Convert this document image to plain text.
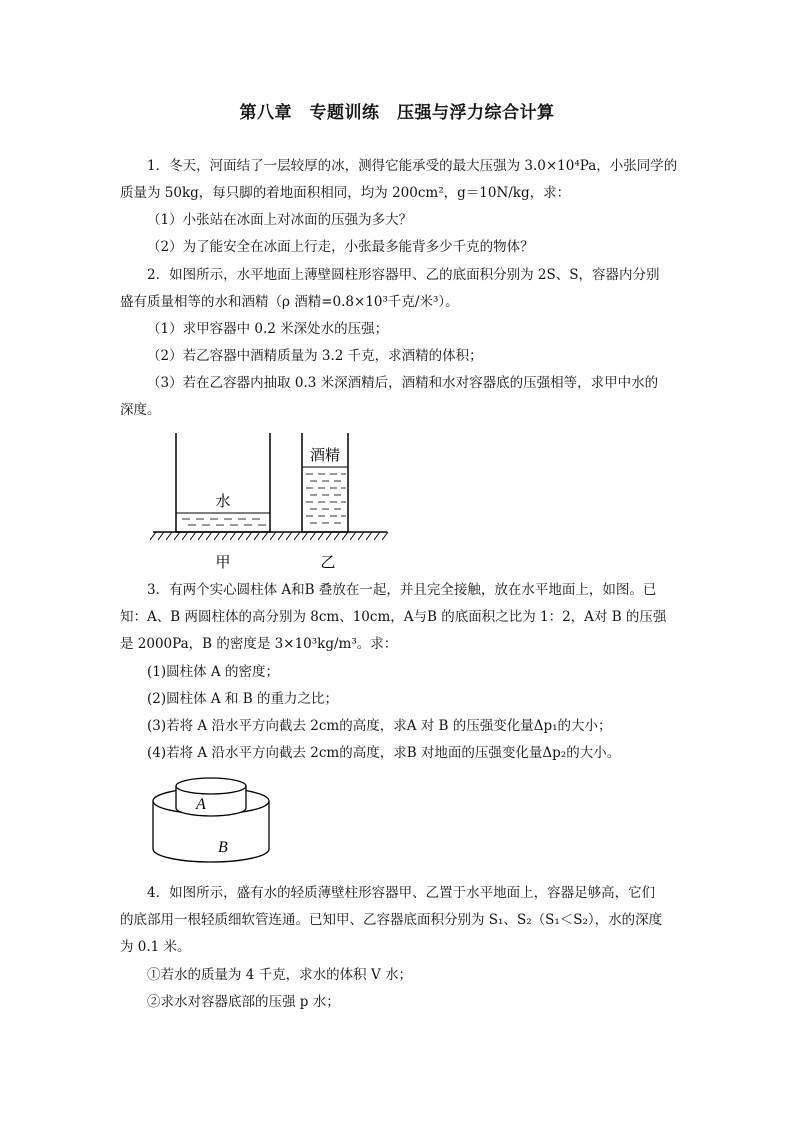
第八章　专题训练　压强与浮力综合计算
1．冬天，河面结了一层较厚的冰，测得它能承受的最大压强为 3.0×10⁴Pa，小张同学的
质量为 50kg，每只脚的着地面积相同，均为 200cm²，g＝10N/kg，求：
（1）小张站在冰面上对冰面的压强为多大？
（2）为了能安全在冰面上行走，小张最多能背多少千克的物体？
2．如图所示，水平地面上薄壁圆柱形容器甲、乙的底面积分别为 2S、S，容器内分别
盛有质量相等的水和酒精（ρ 酒精=0.8×10³千克/米³）。
（1）求甲容器中 0.2 米深处水的压强；
（2）若乙容器中酒精质量为 3.2 千克，求酒精的体积；
（3）若在乙容器内抽取 0.3 米深酒精后，酒精和水对容器底的压强相等，求甲中水的
深度。
水
酒精
甲	乙
3．有两个实心圆柱体 A和B 叠放在一起，并且完全接触，放在水平地面上，如图。已
知：A、B 两圆柱体的高分别为 8cm、10cm，A与B 的底面积之比为 1：2，A对 B 的压强
是 2000Pa，B 的密度是 3×10³kg/m³。求：
(1)圆柱体 A 的密度；
(2)圆柱体 A 和 B 的重力之比；
(3)若将 A 沿水平方向截去 2cm的高度，求A 对 B 的压强变化量Δp₁的大小；
(4)若将 A 沿水平方向截去 2cm的高度，求B 对地面的压强变化量Δp₂的大小。
A
B
4．如图所示，盛有水的轻质薄壁柱形容器甲、乙置于水平地面上，容器足够高，它们
的底部用一根轻质细软管连通。已知甲、乙容器底面积分别为 S₁、S₂（S₁＜S₂），水的深度
为 0.1 米。
①若水的质量为 4 千克，求水的体积 V 水；
②求水对容器底部的压强 p 水；
